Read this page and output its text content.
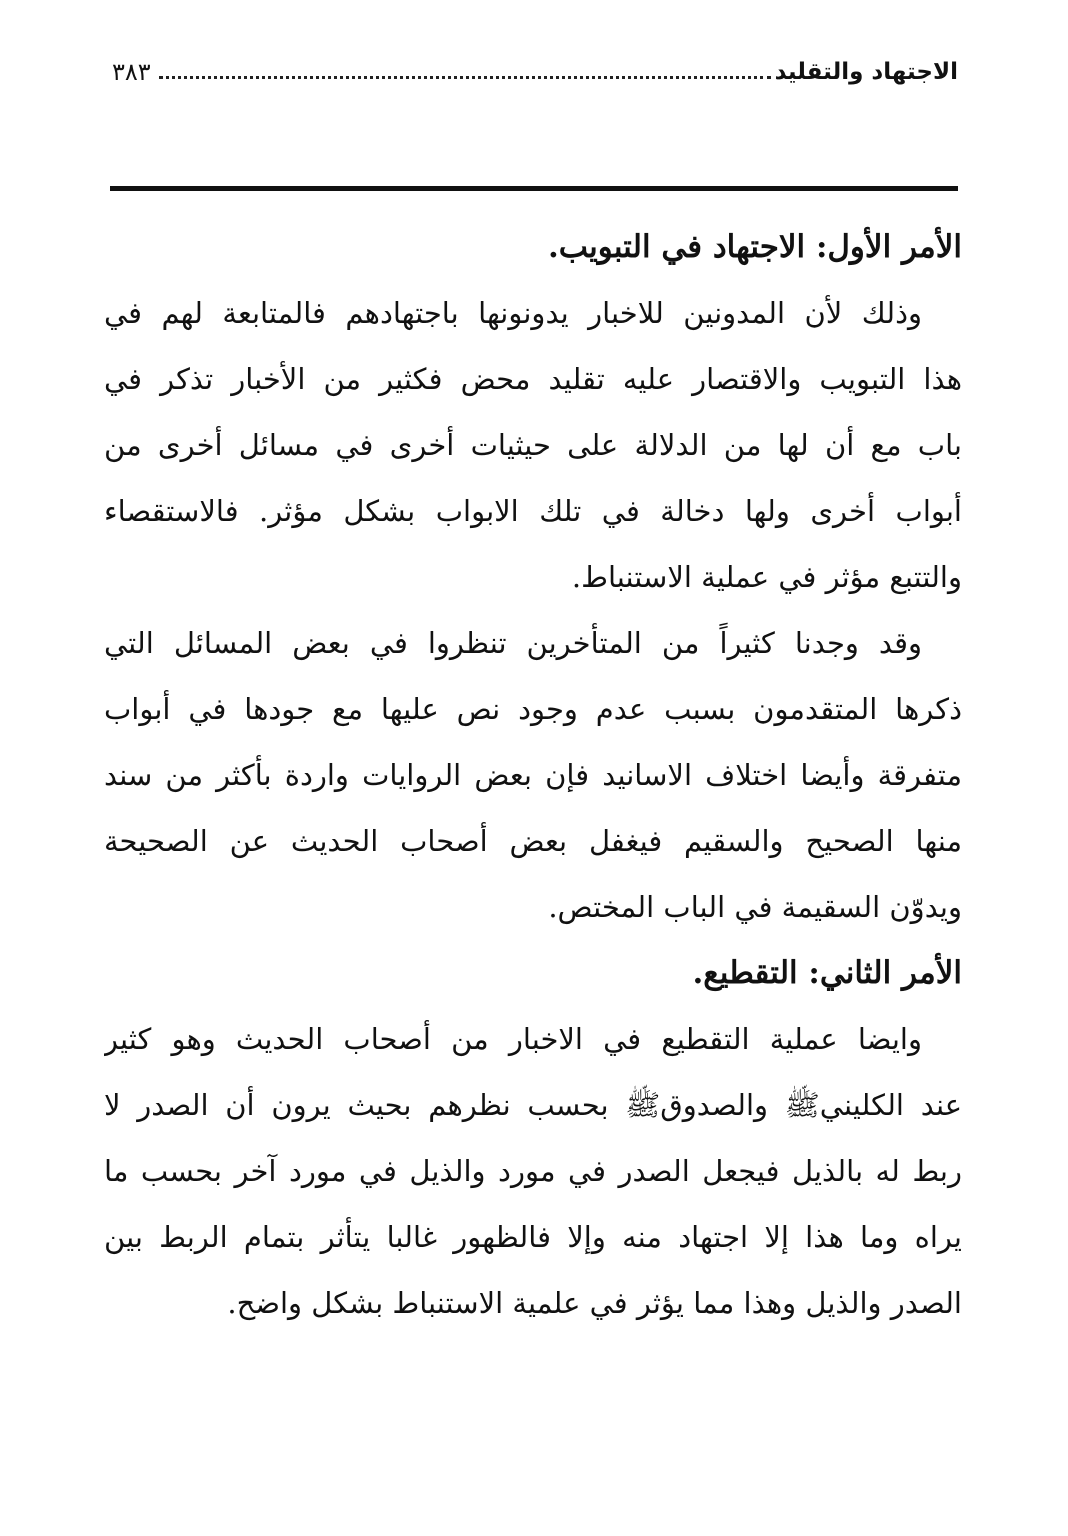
الاجتهاد والتقليد
٣٨٣
الأمر الأول: الاجتهاد في التبويب.
وذلك لأن المدونين للاخبار يدونونها باجتهادهم فالمتابعة لهم في
هذا التبويب والاقتصار عليه تقليد محض فكثير من الأخبار تذكر في
باب مع أن لها من الدلالة على حيثيات أخرى في مسائل أخرى من
أبواب أخرى ولها دخالة في تلك الابواب بشكل مؤثر. فالاستقصاء
والتتبع مؤثر في عملية الاستنباط.
وقد وجدنا كثيراً من المتأخرين تنظروا في بعض المسائل التي
ذكرها المتقدمون بسبب عدم وجود نص عليها مع جودها في أبواب
متفرقة وأيضا اختلاف الاسانيد فإن بعض الروايات واردة بأكثر من سند
منها الصحيح والسقيم فيغفل بعض أصحاب الحديث عن الصحيحة
ويدوّن السقيمة في الباب المختص.
الأمر الثاني: التقطيع.
وايضا عملية التقطيع في الاخبار من أصحاب الحديث وهو كثير
عند الكلينيﷺ والصدوقﷺ بحسب نظرهم بحيث يرون أن الصدر لا
ربط له بالذيل فيجعل الصدر في مورد والذيل في مورد آخر بحسب ما
يراه وما هذا إلا اجتهاد منه وإلا فالظهور غالبا يتأثر بتمام الربط بين
الصدر والذيل وهذا مما يؤثر في علمية الاستنباط بشكل واضح.
